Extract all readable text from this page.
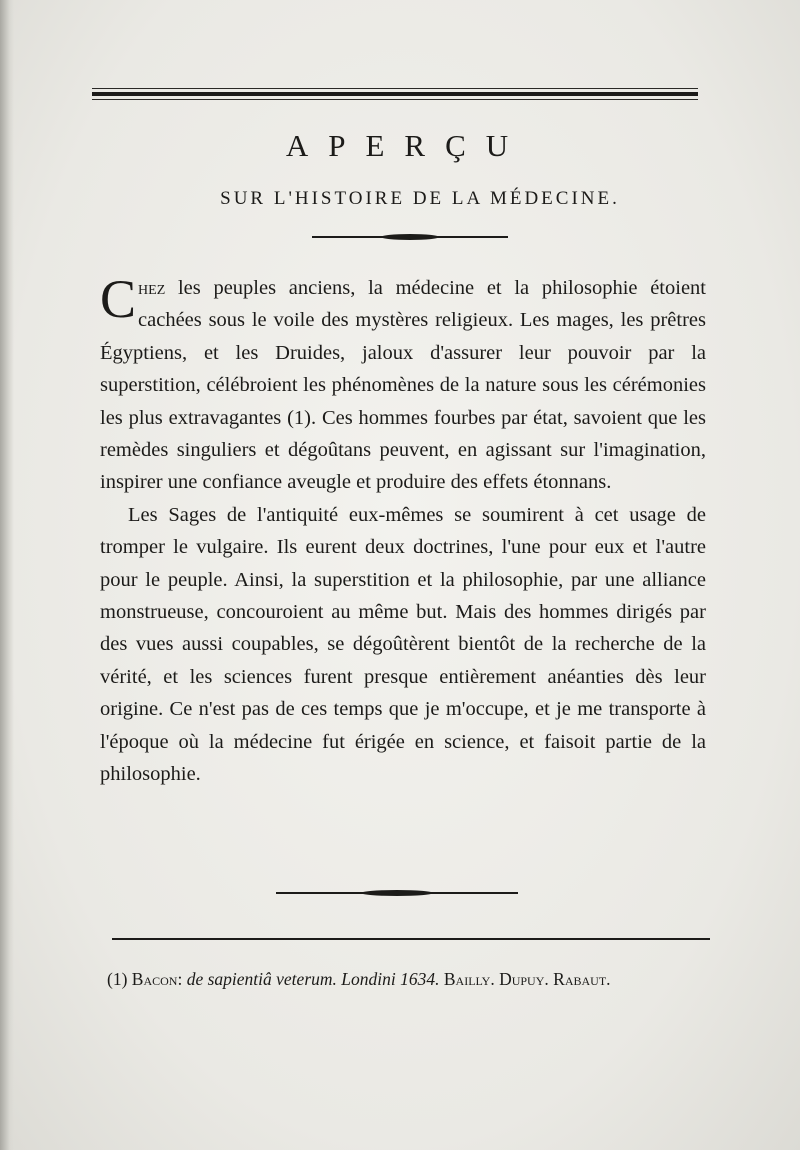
APERÇU
SUR L'HISTOIRE DE LA MÉDECINE.

Chez les peuples anciens, la médecine et la philosophie étoient cachées sous le voile des mystères religieux. Les mages, les prêtres Égyptiens, et les Druides, jaloux d'assurer leur pouvoir par la superstition, célébroient les phénomènes de la nature sous les cérémonies les plus extravagantes (1). Ces hommes fourbes par état, savoient que les remèdes singuliers et dégoûtans peuvent, en agissant sur l'imagination, inspirer une confiance aveugle et produire des effets étonnans.

Les Sages de l'antiquité eux-mêmes se soumirent à cet usage de tromper le vulgaire. Ils eurent deux doctrines, l'une pour eux et l'autre pour le peuple. Ainsi, la superstition et la philosophie, par une alliance monstrueuse, concouroient au même but. Mais des hommes dirigés par des vues aussi coupables, se dégoûtèrent bientôt de la recherche de la vérité, et les sciences furent presque entièrement anéanties dès leur origine. Ce n'est pas de ces temps que je m'occupe, et je me transporte à l'époque où la médecine fut érigée en science, et faisoit partie de la philosophie.

(1) Bacon: de sapientiâ veterum. Londini 1634. Bailly. Dupuy. Rabaut.
